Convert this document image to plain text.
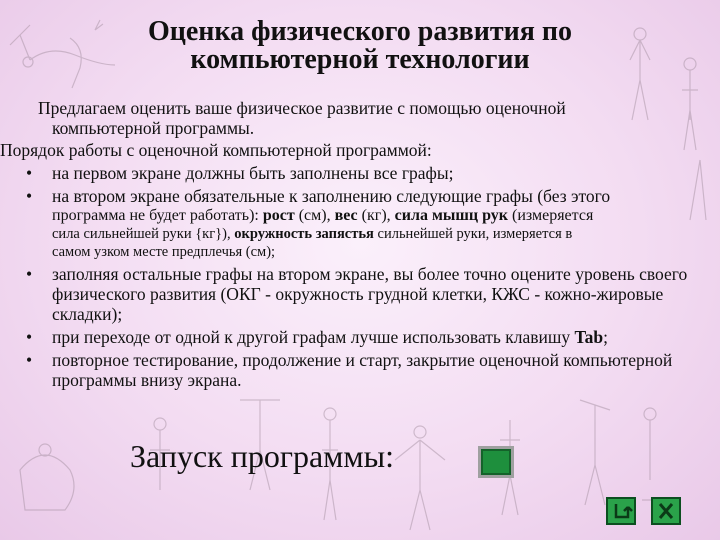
Оценка физического развития по
компьютерной технологии

Предлагаем оценить ваше физическое развитие с помощью оценочной

компьютерной программы.

Порядок работы с оценочной компьютерной программой:

• на первом экране должны быть заполнены все графы;
• на втором экране обязательные к заполнению следующие графы (без этого
программа не будет работать): рост (см), вес (кг), сила мышц рук (измеряется
сила сильнейшей руки {кг}), окружность запястья сильнейшей руки, измеряется в
самом узком месте предплечья (см);
• заполняя остальные графы на втором экране, вы более точно оцените уровень своего физического развития (ОКГ - окружность грудной клетки, КЖС - кожно-жировые складки);
• при переходе от одной к другой графам лучше использовать клавишу Tab;
• повторное тестирование, продолжение и старт, закрытие оценочной компьютерной программы внизу экрана.
Запуск программы:
